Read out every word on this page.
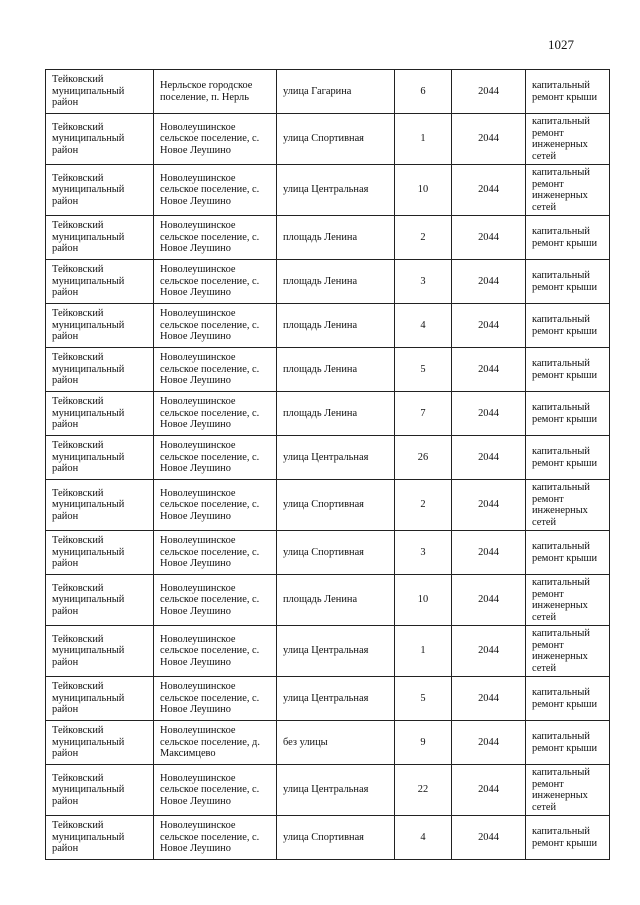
1027
Тейковский муниципальный район	Нерльское городское поселение, п. Нерль	улица Гагарина	6	2044	капитальный ремонт крыши
Тейковский муниципальный район	Новолеушинское сельское поселение, с. Новое Леушино	улица Спортивная	1	2044	капитальный ремонт инженерных сетей
Тейковский муниципальный район	Новолеушинское сельское поселение, с. Новое Леушино	улица Центральная	10	2044	капитальный ремонт инженерных сетей
Тейковский муниципальный район	Новолеушинское сельское поселение, с. Новое Леушино	площадь Ленина	2	2044	капитальный ремонт крыши
Тейковский муниципальный район	Новолеушинское сельское поселение, с. Новое Леушино	площадь Ленина	3	2044	капитальный ремонт крыши
Тейковский муниципальный район	Новолеушинское сельское поселение, с. Новое Леушино	площадь Ленина	4	2044	капитальный ремонт крыши
Тейковский муниципальный район	Новолеушинское сельское поселение, с. Новое Леушино	площадь Ленина	5	2044	капитальный ремонт крыши
Тейковский муниципальный район	Новолеушинское сельское поселение, с. Новое Леушино	площадь Ленина	7	2044	капитальный ремонт крыши
Тейковский муниципальный район	Новолеушинское сельское поселение, с. Новое Леушино	улица Центральная	26	2044	капитальный ремонт крыши
Тейковский муниципальный район	Новолеушинское сельское поселение, с. Новое Леушино	улица Спортивная	2	2044	капитальный ремонт инженерных сетей
Тейковский муниципальный район	Новолеушинское сельское поселение, с. Новое Леушино	улица Спортивная	3	2044	капитальный ремонт крыши
Тейковский муниципальный район	Новолеушинское сельское поселение, с. Новое Леушино	площадь Ленина	10	2044	капитальный ремонт инженерных сетей
Тейковский муниципальный район	Новолеушинское сельское поселение, с. Новое Леушино	улица Центральная	1	2044	капитальный ремонт инженерных сетей
Тейковский муниципальный район	Новолеушинское сельское поселение, с. Новое Леушино	улица Центральная	5	2044	капитальный ремонт крыши
Тейковский муниципальный район	Новолеушинское сельское поселение, д. Максимцево	без улицы	9	2044	капитальный ремонт крыши
Тейковский муниципальный район	Новолеушинское сельское поселение, с. Новое Леушино	улица Центральная	22	2044	капитальный ремонт инженерных сетей
Тейковский муниципальный район	Новолеушинское сельское поселение, с. Новое Леушино	улица Спортивная	4	2044	капитальный ремонт крыши
